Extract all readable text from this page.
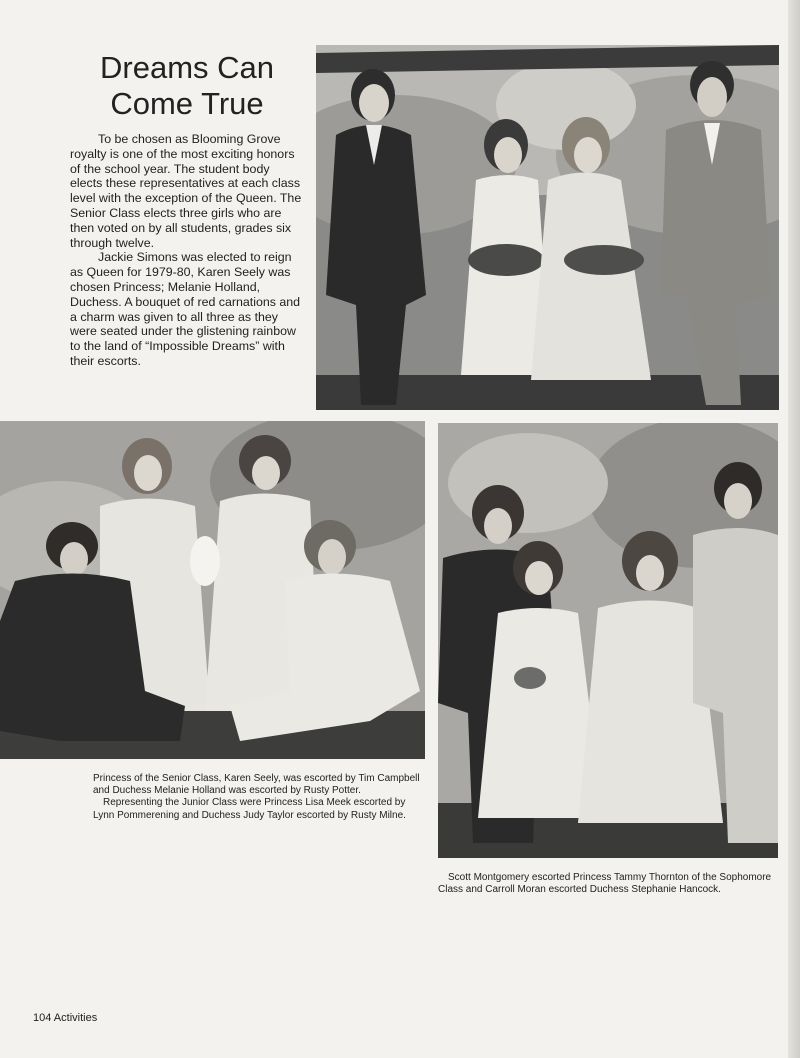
Dreams Can
Come True

To be chosen as Blooming Grove royalty is one of the most exciting honors of the school year. The student body elects these representatives at each class level with the exception of the Queen. The Senior Class elects three girls who are then voted on by all students, grades six through twelve.

Jackie Simons was elected to reign as Queen for 1979-80, Karen Seely was chosen Princess; Melanie Holland, Duchess. A bouquet of red carnations and a charm was given to all three as they were seated under the glistening rainbow to the land of “Impossible Dreams” with their escorts.

Princess of the Senior Class, Karen Seely, was escorted by Tim Campbell and Duchess Melanie Holland was escorted by Rusty Potter.

Representing the Junior Class were Princess Lisa Meek escorted by Lynn Pommerening and Duchess Judy Taylor escorted by Rusty Milne.

Scott Montgomery escorted Princess Tammy Thornton of the Sophomore Class and Carroll Moran escorted Duchess Stephanie Hancock.
104 Activities
